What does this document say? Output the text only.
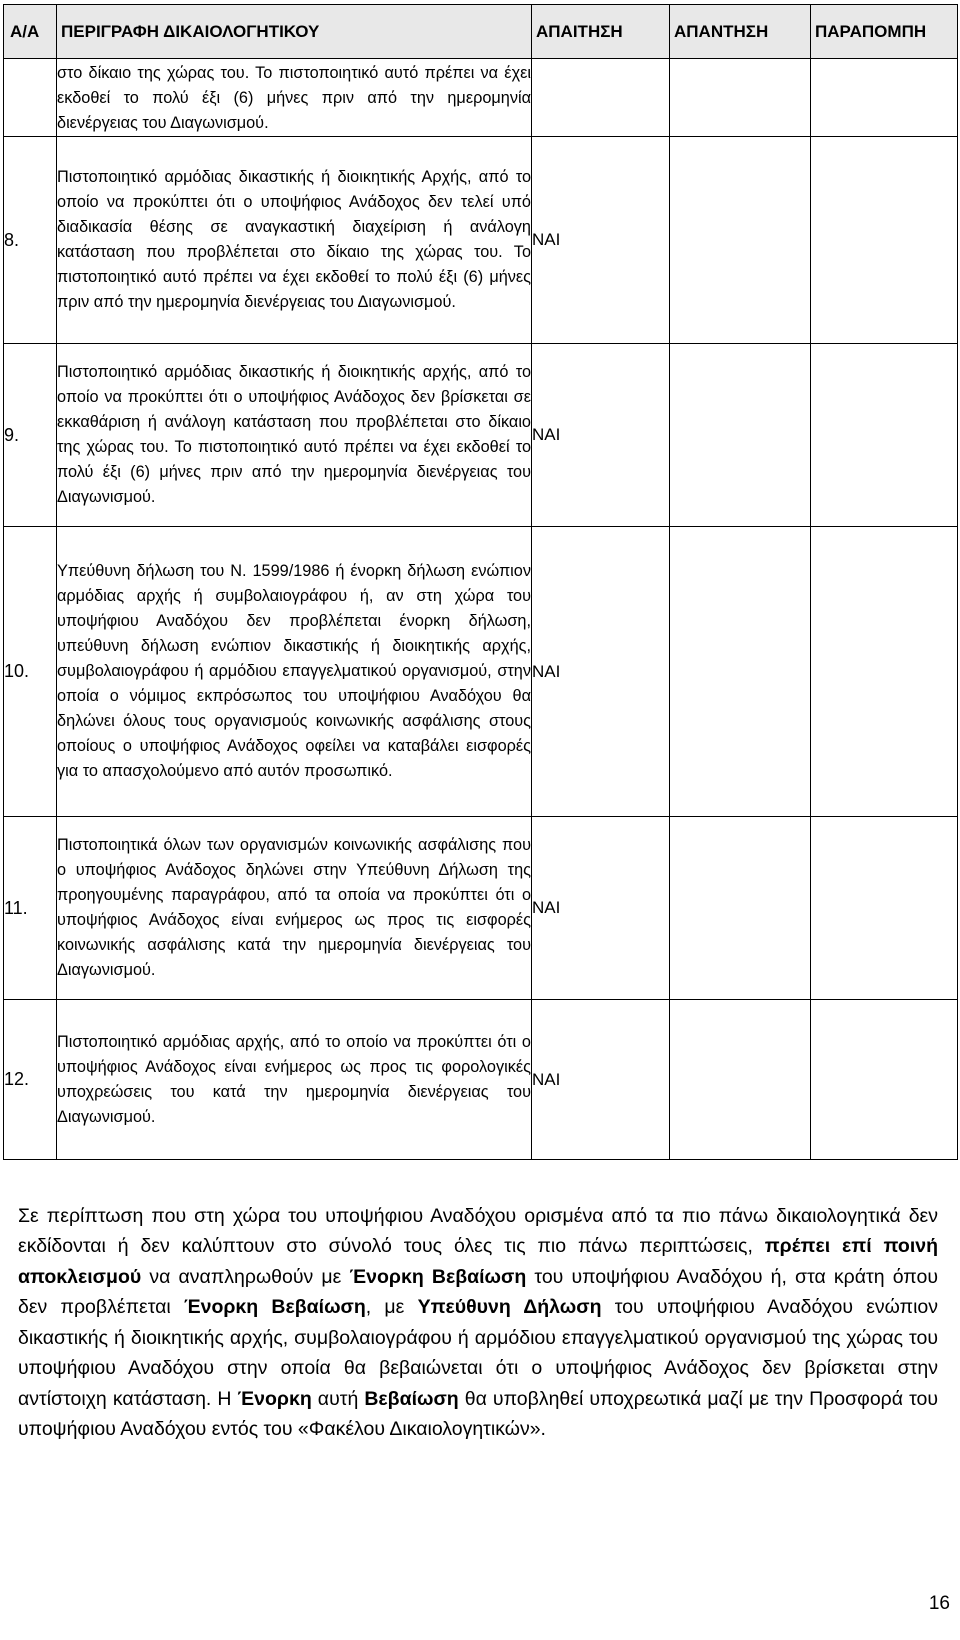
Α/Α	ΠΕΡΙΓΡΑΦΗ ΔΙΚΑΙΟΛΟΓΗΤΙΚΟΥ	ΑΠΑΙΤΗΣΗ	ΑΠΑΝΤΗΣΗ	ΠΑΡΑΠΟΜΠΗ
	στο δίκαιο της χώρας του. Το πιστοποιητικό αυτό πρέπει να έχει εκδοθεί το πολύ έξι (6) μήνες πριν από την ημερομηνία διενέργειας του Διαγωνισμού.			
8.	Πιστοποιητικό αρμόδιας δικαστικής ή διοικητικής Αρχής, από το οποίο να προκύπτει ότι ο υποψήφιος Ανάδοχος δεν τελεί υπό διαδικασία θέσης σε αναγκαστική διαχείριση ή ανάλογη κατάσταση που προβλέπεται στο δίκαιο της χώρας του. Το πιστοποιητικό αυτό πρέπει να έχει εκδοθεί το πολύ έξι (6) μήνες πριν από την ημερομηνία διενέργειας του Διαγωνισμού.	ΝΑΙ		
9.	Πιστοποιητικό αρμόδιας δικαστικής ή διοικητικής αρχής, από το οποίο να προκύπτει ότι ο υποψήφιος Ανάδοχος δεν βρίσκεται σε εκκαθάριση ή ανάλογη κατάσταση που προβλέπεται στο δίκαιο της χώρας του. Το πιστοποιητικό αυτό πρέπει να έχει εκδοθεί το πολύ έξι (6) μήνες πριν από την ημερομηνία διενέργειας του Διαγωνισμού.	ΝΑΙ		
10.	Υπεύθυνη δήλωση του Ν. 1599/1986 ή ένορκη δήλωση ενώπιον αρμόδιας αρχής ή συμβολαιογράφου ή, αν στη χώρα του υποψήφιου Αναδόχου δεν προβλέπεται ένορκη δήλωση, υπεύθυνη δήλωση ενώπιον δικαστικής ή διοικητικής αρχής, συμβολαιογράφου ή αρμόδιου επαγγελματικού οργανισμού, στην οποία ο νόμιμος εκπρόσωπος του υποψήφιου Αναδόχου θα δηλώνει όλους τους οργανισμούς κοινωνικής ασφάλισης στους οποίους ο υποψήφιος Ανάδοχος οφείλει να καταβάλει εισφορές για το απασχολούμενο από αυτόν προσωπικό.	ΝΑΙ		
11.	Πιστοποιητικά όλων των οργανισμών κοινωνικής ασφάλισης που ο υποψήφιος Ανάδοχος δηλώνει στην Υπεύθυνη Δήλωση της προηγουμένης παραγράφου, από τα οποία να προκύπτει ότι ο υποψήφιος Ανάδοχος είναι ενήμερος ως προς τις εισφορές κοινωνικής ασφάλισης κατά την ημερομηνία διενέργειας του Διαγωνισμού.	ΝΑΙ		
12.	Πιστοποιητικό αρμόδιας αρχής, από το οποίο να προκύπτει ότι ο υποψήφιος Ανάδοχος είναι ενήμερος ως προς τις φορολογικές υποχρεώσεις του κατά την ημερομηνία διενέργειας του Διαγωνισμού.	ΝΑΙ		

Σε περίπτωση που στη χώρα του υποψήφιου Αναδόχου ορισμένα από τα πιο πάνω δικαιολογητικά δεν εκδίδονται ή δεν καλύπτουν στο σύνολό τους όλες τις πιο πάνω περιπτώσεις, πρέπει επί ποινή αποκλεισμού να αναπληρωθούν με Ένορκη Βεβαίωση του υποψήφιου Αναδόχου ή, στα κράτη όπου δεν προβλέπεται Ένορκη Βεβαίωση, με Υπεύθυνη Δήλωση του υποψήφιου Αναδόχου ενώπιον δικαστικής ή διοικητικής αρχής, συμβολαιογράφου ή αρμόδιου επαγγελματικού οργανισμού της χώρας του υποψήφιου Αναδόχου στην οποία θα βεβαιώνεται ότι ο υποψήφιος Ανάδοχος δεν βρίσκεται στην αντίστοιχη κατάσταση. Η Ένορκη αυτή Βεβαίωση θα υποβληθεί υποχρεωτικά μαζί με την Προσφορά του υποψήφιου Αναδόχου εντός του «Φακέλου Δικαιολογητικών».

16
